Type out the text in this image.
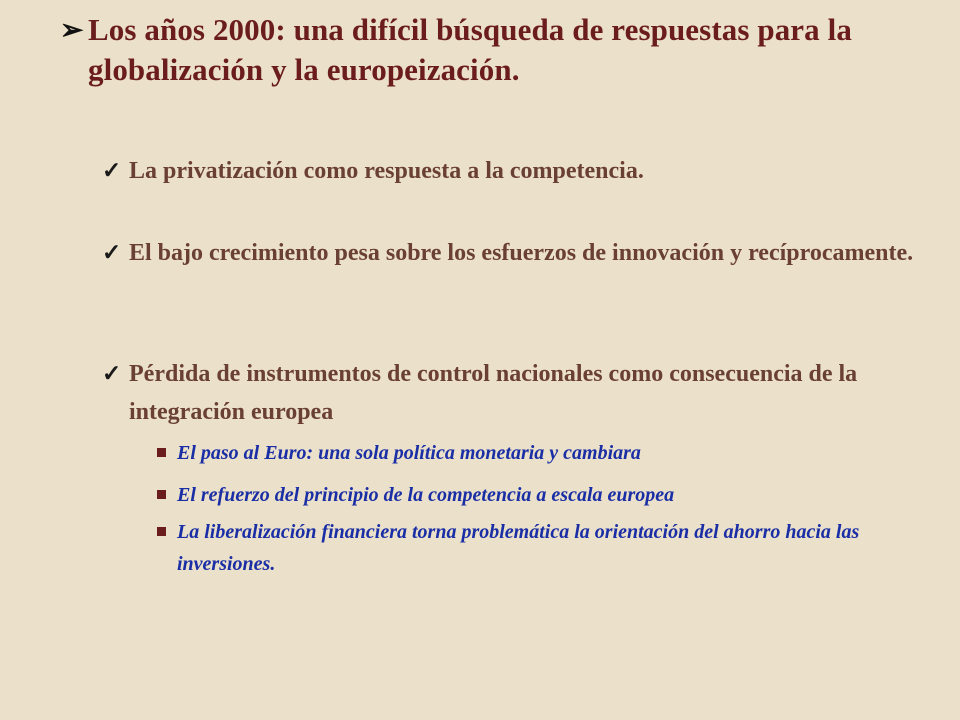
➢ Los años 2000: una difícil búsqueda de respuestas para la globalización y la europeización.
✓ La privatización como respuesta a la competencia.
✓ El bajo crecimiento pesa sobre los esfuerzos de innovación y recíprocamente.
✓ Pérdida de instrumentos de control nacionales como consecuencia de la integración europea
El paso al Euro: una sola política monetaria y cambiara
El refuerzo del principio de la competencia a escala europea
La liberalización financiera torna problemática la orientación del ahorro hacia las inversiones.
